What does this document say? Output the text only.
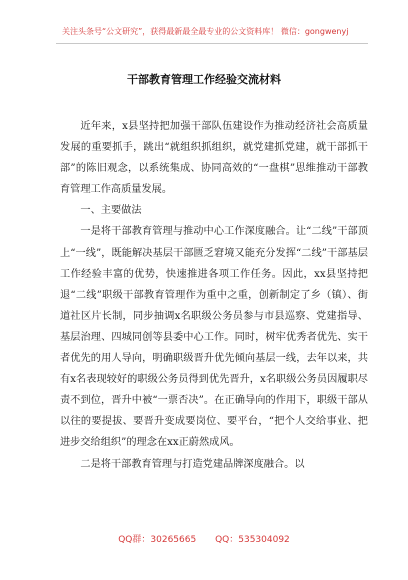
关注头条号“公文研究”，获得最新最全最专业的公文资料库！ 微信：gongwenyj
干部教育管理工作经验交流材料

近年来，x县坚持把加强干部队伍建设作为推动经济社会高质量发展的重要抓手，跳出“就组织抓组织，就党建抓党建，就干部抓干部”的陈旧观念，以系统集成、协同高效的“一盘棋”思维推动干部教育管理工作高质量发展。

一、主要做法

一是将干部教育管理与推动中心工作深度融合。让“二线”干部顶上“一线”，既能解决基层干部匮乏窘境又能充分发挥“二线”干部基层工作经验丰富的优势，快速推进各项工作任务。因此，xx县坚持把退“二线”职级干部教育管理作为重中之重，创新制定了乡（镇）、街道社区片长制，同步抽调x名职级公务员参与市县巡察、党建指导、基层治理、四城同创等县委中心工作。同时，树牢优秀者优先、实干者优先的用人导向，明确职级晋升优先倾向基层一线，去年以来，共有x名表现较好的职级公务员得到优先晋升，x名职级公务员因履职尽责不到位，晋升中被“一票否决”。在正确导向的作用下，职级干部从以往的要提拔、要晋升变成要岗位、要平台，“把个人交给事业、把进步交给组织”的理念在xx正蔚然成风。

二是将干部教育管理与打造党建品牌深度融合。以

QQ群：30265665 QQ：535304092
